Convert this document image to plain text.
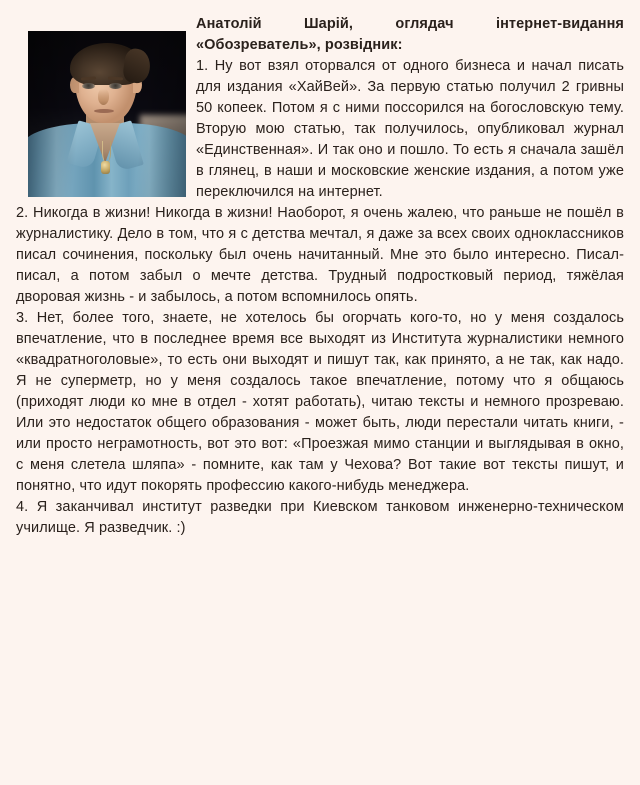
Анатолій Шарій, оглядач інтернет-видання «Обозреватель», розвідник:

1. Ну вот взял оторвался от одного бизнеса и начал писать для издания «ХайВей». За первую статью получил 2 гривны 50 копеек. Потом я с ними поссорился на богословскую тему. Вторую мою статью, так получилось, опубликовал журнал «Единственная». И так оно и пошло. То есть я сначала зашёл в глянец, в наши и московские женские издания, а потом уже переключился на интернет.

2. Никогда в жизни! Никогда в жизни! Наоборот, я очень жалею, что раньше не пошёл в журналистику. Дело в том, что я с детства мечтал, я даже за всех своих одноклассников писал сочинения, поскольку был очень начитанный. Мне это было интересно. Писал-писал, а потом забыл о мечте детства. Трудный подростковый период, тяжёлая дворовая жизнь - и забылось, а потом вспомнилось опять.

3. Нет, более того, знаете, не хотелось бы огорчать кого-то, но у меня создалось впечатление, что в последнее время все выходят из Института журналистики немного «квадратноголовые», то есть они выходят и пишут так, как принято, а не так, как надо. Я не суперметр, но у меня создалось такое впечатление, потому что я общаюсь (приходят люди ко мне в отдел - хотят работать), читаю тексты и немного прозреваю. Или это недостаток общего образования - может быть, люди перестали читать книги, - или просто неграмотность, вот это вот: «Проезжая мимо станции и выглядывая в окно, с меня слетела шляпа» - помните, как там у Чехова? Вот такие вот тексты пишут, и понятно, что идут покорять профессию какого-нибудь менеджера.

4. Я заканчивал институт разведки при Киевском танковом инженерно-техническом училище. Я разведчик. :)
